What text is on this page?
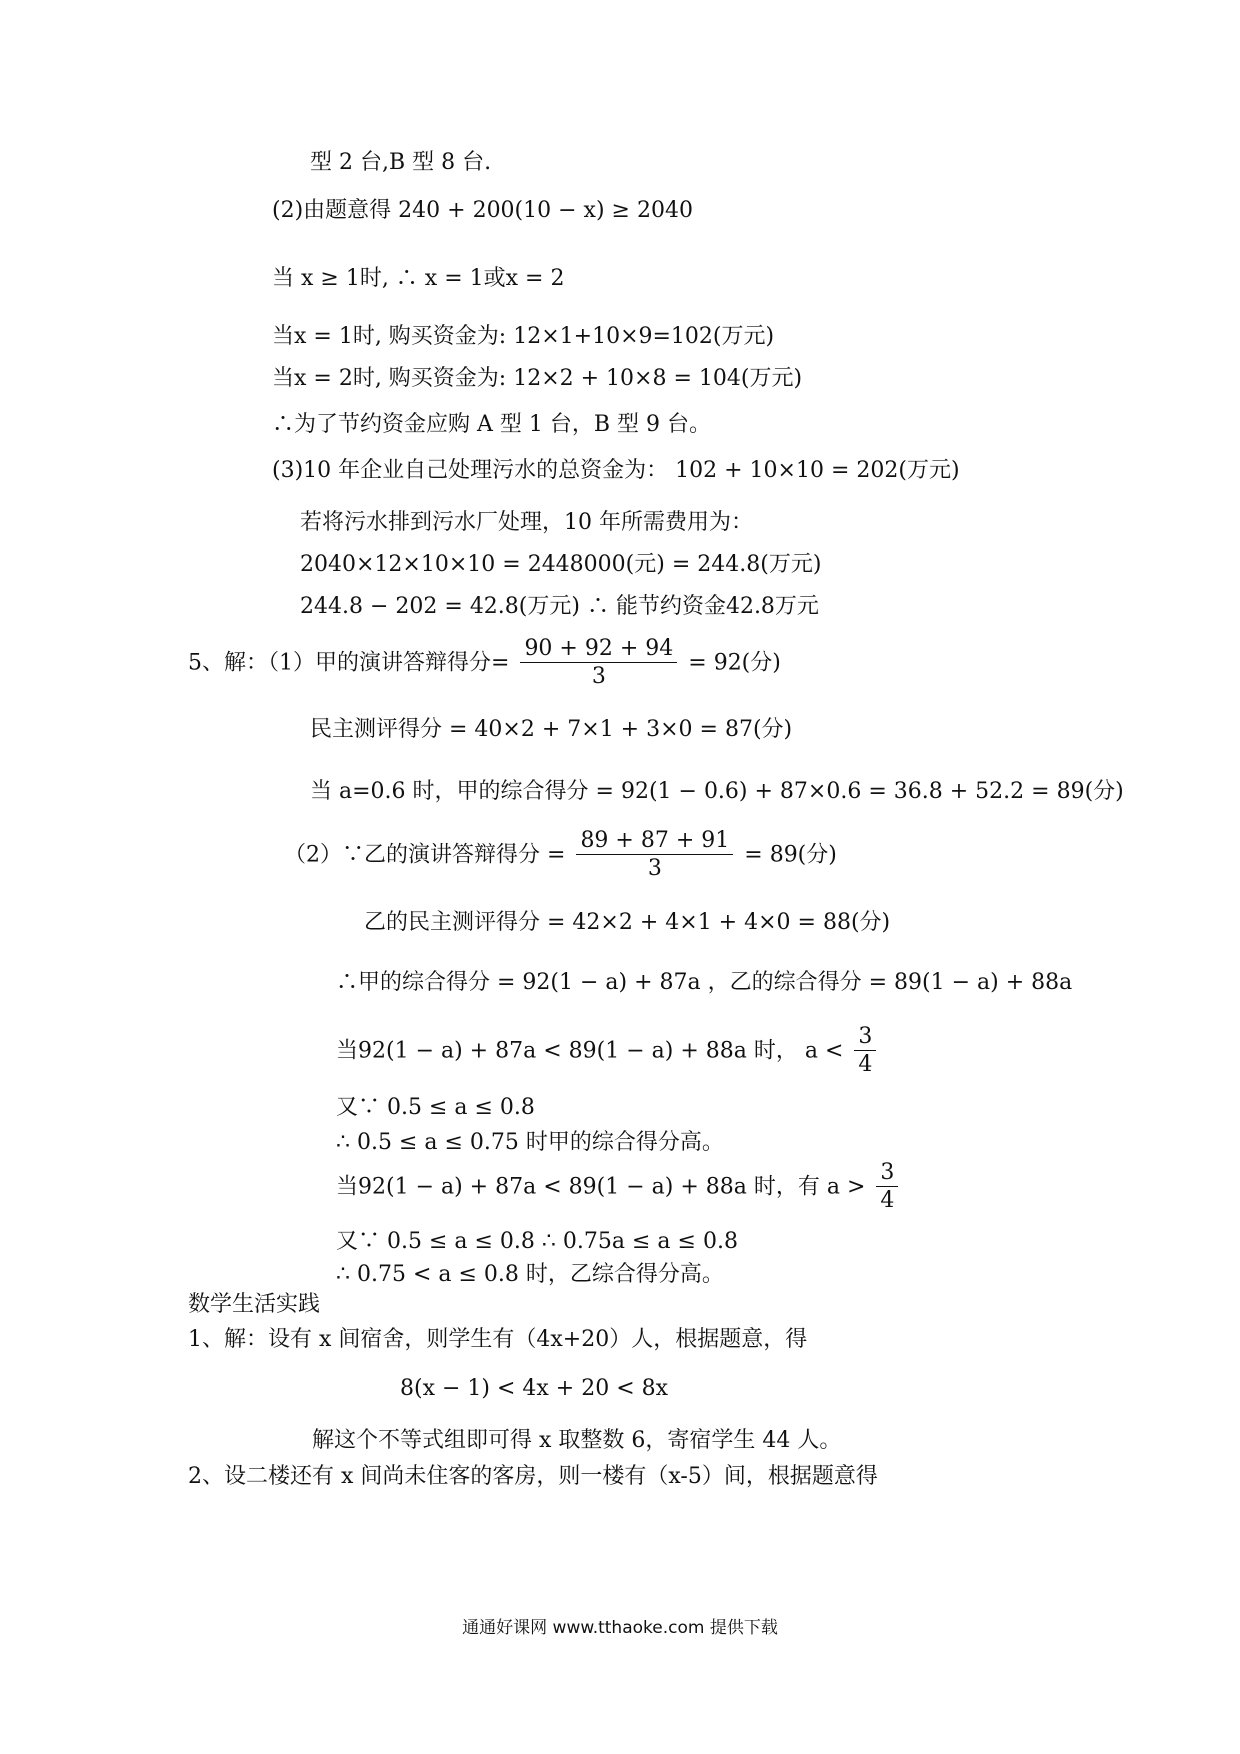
型 2 台,B 型 8 台.
(2)由题意得 240 + 200(10 − x) ≥ 2040
当 x ≥ 1时, ∴ x = 1或x = 2
当x = 1时, 购买资金为: 12×1+10×9=102(万元)
当x = 2时, 购买资金为: 12×2 + 10×8 = 104(万元)
∴为了节约资金应购 A 型 1 台，B 型 9 台。
(3)10 年企业自己处理污水的总资金为： 102 + 10×10 = 202(万元)
若将污水排到污水厂处理，10 年所需费用为：
2040×12×10×10 = 2448000(元) = 244.8(万元)
244.8 − 202 = 42.8(万元) ∴ 能节约资金42.8万元
5、解：（1）甲的演讲答辩得分= $\frac{90 + 92 + 94}{3} = 92$(分)
民主测评得分 = 40×2 + 7×1 + 3×0 = 87(分)
当 a=0.6 时，甲的综合得分 = 92(1 − 0.6) + 87×0.6 = 36.8 + 52.2 = 89(分)
（2）∵乙的演讲答辩得分 = $\frac{89 + 87 + 91}{3} = 89$(分)
乙的民主测评得分 = 42×2 + 4×1 + 4×0 = 88(分)
∴甲的综合得分 = 92(1 − a) + 87a ，乙的综合得分 = 89(1 − a) + 88a
当92(1 − a) + 87a < 89(1 − a) + 88a 时， $a < \frac{3}{4}$
又∵ 0.5 ≤ a ≤ 0.8
∴ 0.5 ≤ a ≤ 0.75 时甲的综合得分高。
当92(1 − a) + 87a < 89(1 − a) + 88a 时，有 $a > \frac{3}{4}$
又∵ 0.5 ≤ a ≤ 0.8 ∴ 0.75a ≤ a ≤ 0.8
∴ 0.75 < a ≤ 0.8 时，乙综合得分高。
数学生活实践
1、解：设有 x 间宿舍，则学生有（4x+20）人，根据题意，得
8(x − 1) < 4x + 20 < 8x
解这个不等式组即可得 x 取整数 6，寄宿学生 44 人。
2、设二楼还有 x 间尚未住客的客房，则一楼有（x-5）间，根据题意得
通通好课网 www.tthaoke.com 提供下载
